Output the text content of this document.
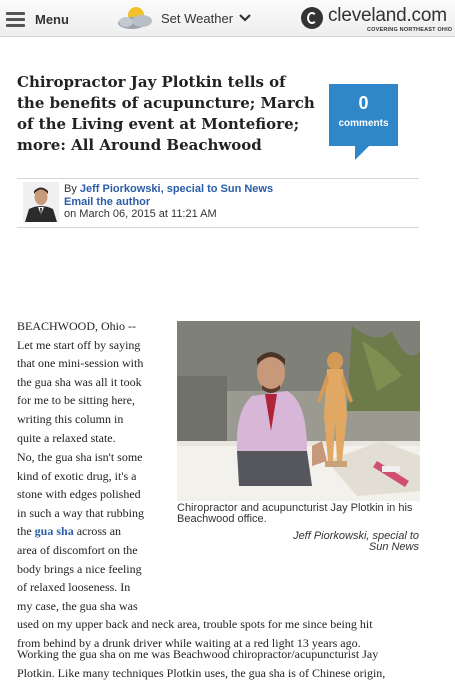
Menu	Set Weather	cleveland.com
COVERING NORTHEAST OHIO
Chiropractor Jay Plotkin tells of the benefits of acupuncture; March of the Living event at Montefiore; more: All Around Beachwood
0
comments
By Jeff Piorkowski, special to Sun News
Email the author
on March 06, 2015 at 11:21 AM
Chiropractor and acupuncturist Jay Plotkin in his Beachwood office.
Jeff Piorkowski, special to
Sun News
BEACHWOOD, Ohio --
Let me start off by saying
that one mini-session with
the gua sha was all it took
for me to be sitting here,
writing this column in
quite a relaxed state.
No, the gua sha isn't some
kind of exotic drug, it's a
stone with edges polished
in such a way that rubbing
the gua sha across an
area of discomfort on the
body brings a nice feeling
of relaxed looseness. In
my case, the gua sha was
used on my upper back and neck area, trouble spots for me since being hit
from behind by a drunk driver while waiting at a red light 13 years ago.
Working the gua sha on me was Beachwood chiropractor/acupuncturist Jay
Plotkin. Like many techniques Plotkin uses, the gua sha is of Chinese origin,
